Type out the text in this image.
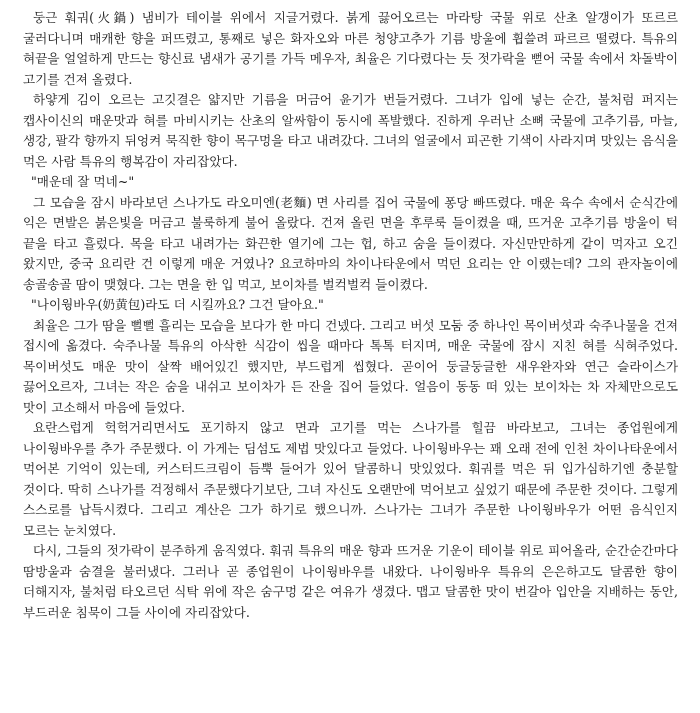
둥근 훠궈(火鍋) 냄비가 테이블 위에서 지글거렸다. 붉게 끓어오르는 마라탕 국물 위로 산초 알갱이가 또르르 굴러다니며 매캐한 향을 퍼뜨렸고, 통째로 넣은 화자오와 마른 청양고추가 기름 방울에 휩쓸려 파르르 떨렸다. 특유의 혀끝을 얼얼하게 만드는 향신료 냄새가 공기를 가득 메우자, 최율은 기다렸다는 듯 젓가락을 뻗어 국물 속에서 차돌박이 고기를 건져 올렸다.

하얗게 김이 오르는 고깃결은 얇지만 기름을 머금어 윤기가 번들거렸다. 그녀가 입에 넣는 순간, 불처럼 퍼지는 캡사이신의 매운맛과 혀를 마비시키는 산초의 알싸함이 동시에 폭발했다. 진하게 우러난 소뼈 국물에 고추기름, 마늘, 생강, 팔각 향까지 뒤엉켜 묵직한 향이 목구멍을 타고 내려갔다. 그녀의 얼굴에서 피곤한 기색이 사라지며 맛있는 음식을 먹은 사람 특유의 행복감이 자리잡았다.

"매운데 잘 먹네~"

그 모습을 잠시 바라보던 스나가도 라오미엔(老麵) 면 사리를 집어 국물에 퐁당 빠뜨렸다. 매운 육수 속에서 순식간에 익은 면발은 붉은빛을 머금고 불룩하게 불어 올랐다. 건져 올린 면을 후루룩 들이켰을 때, 뜨거운 고추기름 방울이 턱 끝을 타고 흘렀다. 목을 타고 내려가는 화끈한 열기에 그는 헙, 하고 숨을 들이켰다. 자신만만하게 같이 먹자고 오긴 왔지만, 중국 요리란 건 이렇게 매운 거였나? 요코하마의 차이나타운에서 먹던 요리는 안 이랬는데? 그의 관자놀이에 송골송골 땀이 맺혔다. 그는 면을 한 입 먹고, 보이차를 벌컥벌컥 들이켰다.

"나이웡바우(奶黄包)라도 더 시킬까요? 그건 달아요."

최율은 그가 땀을 뻘뻘 흘리는 모습을 보다가 한 마디 건넸다. 그리고 버섯 모둠 중 하나인 목이버섯과 숙주나물을 건져 접시에 옮겼다. 숙주나물 특유의 아삭한 식감이 씹을 때마다 톡톡 터지며, 매운 국물에 잠시 지친 혀를 식혀주었다. 목이버섯도 매운 맛이 살짝 배어있긴 했지만, 부드럽게 씹혔다. 곧이어 둥글둥글한 새우완자와 연근 슬라이스가 끓어오르자, 그녀는 작은 숨을 내쉬고 보이차가 든 잔을 집어 들었다. 얼음이 동동 떠 있는 보이차는 차 자체만으로도 맛이 고소해서 마음에 들었다.

요란스럽게 헉헉거리면서도 포기하지 않고 면과 고기를 먹는 스나가를 힐끔 바라보고, 그녀는 종업원에게 나이웡바우를 추가 주문했다. 이 가게는 딤섬도 제법 맛있다고 들었다. 나이웡바우는 꽤 오래 전에 인천 차이나타운에서 먹어본 기억이 있는데, 커스터드크림이 듬뿍 들어가 있어 달콤하니 맛있었다. 훠궈를 먹은 뒤 입가심하기엔 충분할 것이다. 딱히 스나가를 걱정해서 주문했다기보단, 그녀 자신도 오랜만에 먹어보고 싶었기 때문에 주문한 것이다. 그렇게 스스로를 납득시켰다. 그리고 계산은 그가 하기로 했으니까. 스나가는 그녀가 주문한 나이웡바우가 어떤 음식인지 모르는 눈치였다.

다시, 그들의 젓가락이 분주하게 움직였다. 훠궈 특유의 매운 향과 뜨거운 기운이 테이블 위로 피어올라, 순간순간마다 땀방울과 숨결을 불러냈다. 그러나 곧 종업원이 나이웡바우를 내왔다. 나이웡바우 특유의 은은하고도 달콤한 향이 더해지자, 불처럼 타오르던 식탁 위에 작은 숨구멍 같은 여유가 생겼다. 맵고 달콤한 맛이 번갈아 입안을 지배하는 동안, 부드러운 침묵이 그들 사이에 자리잡았다.
